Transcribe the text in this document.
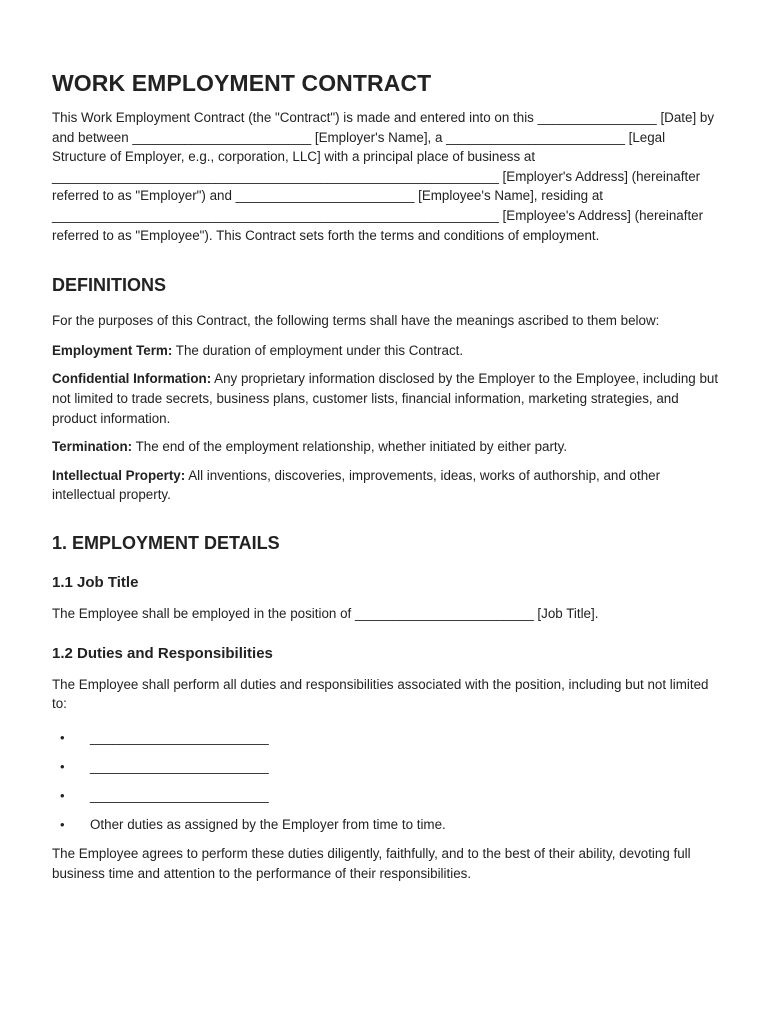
WORK EMPLOYMENT CONTRACT

This Work Employment Contract (the "Contract") is made and entered into on this ________________ [Date] by and between ________________________ [Employer's Name], a ________________________ [Legal Structure of Employer, e.g., corporation, LLC] with a principal place of business at ____________________________________________________________ [Employer's Address] (hereinafter referred to as "Employer") and ________________________ [Employee's Name], residing at ____________________________________________________________ [Employee's Address] (hereinafter referred to as "Employee"). This Contract sets forth the terms and conditions of employment.

DEFINITIONS

For the purposes of this Contract, the following terms shall have the meanings ascribed to them below:

Employment Term: The duration of employment under this Contract.

Confidential Information: Any proprietary information disclosed by the Employer to the Employee, including but not limited to trade secrets, business plans, customer lists, financial information, marketing strategies, and product information.

Termination: The end of the employment relationship, whether initiated by either party.

Intellectual Property: All inventions, discoveries, improvements, ideas, works of authorship, and other intellectual property.

1. EMPLOYMENT DETAILS
1.1 Job Title

The Employee shall be employed in the position of ________________________ [Job Title].

1.2 Duties and Responsibilities

The Employee shall perform all duties and responsibilities associated with the position, including but not limited to:

• ________________________
• ________________________
• ________________________
• Other duties as assigned by the Employer from time to time.

The Employee agrees to perform these duties diligently, faithfully, and to the best of their ability, devoting full business time and attention to the performance of their responsibilities.
